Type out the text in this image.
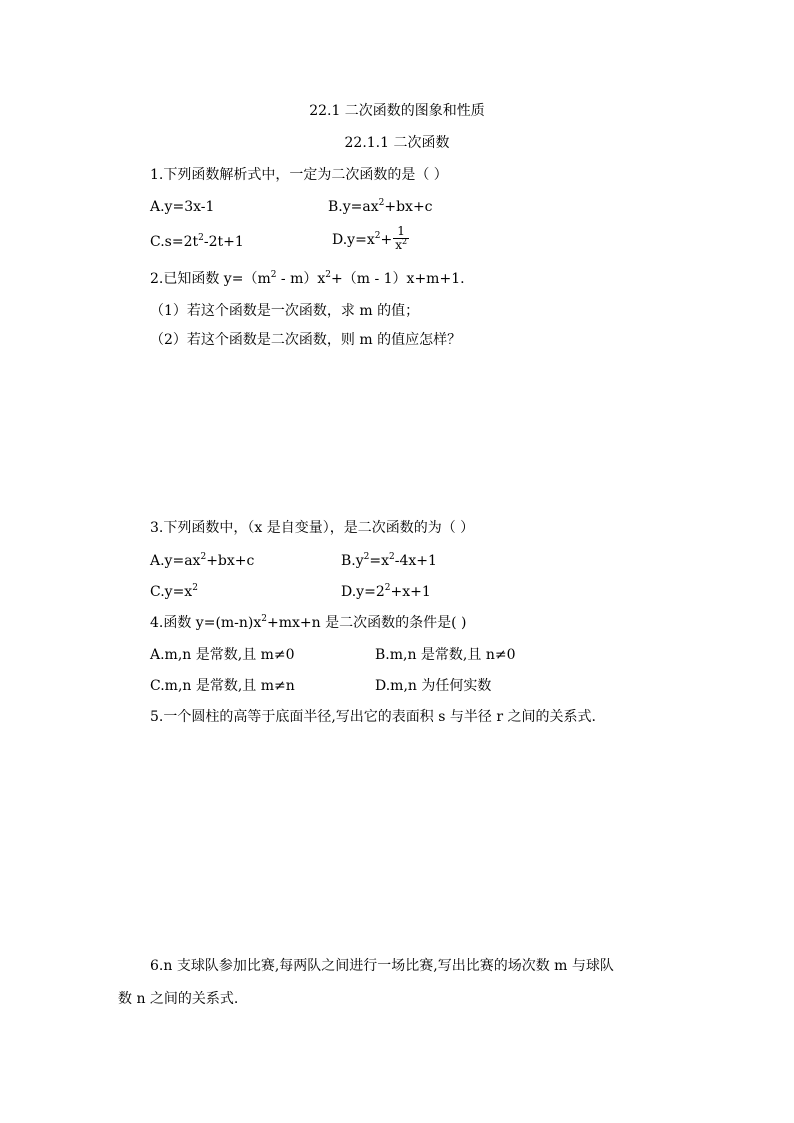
22.1 二次函数的图象和性质
22.1.1 二次函数
1.下列函数解析式中，一定为二次函数的是（ ）
A.y=3x-1	$B.y=ax^2+bx+c$
$C.s=2t^2-2t+1$	$D.y=x^2+ \frac{1}{x^2}$
2.已知函数 $y=(m^2 - m)x^2+(m - 1)x+m+1$.
（1）若这个函数是一次函数，求 m 的值；
（2）若这个函数是二次函数，则 m 的值应怎样？
3.下列函数中，（x 是自变量），是二次函数的为（ ）
$A.y=ax^2+bx+c$	$B.y^2=x^2-4x+1$
$C.y=x^2$	$D.y=2^2+x+1$
4.函数 $y=(m-n)x^2+mx+n$ 是二次函数的条件是( )
A.m,n 是常数,且 m≠0	B.m,n 是常数,且 n≠0
C.m,n 是常数,且 m≠n	D.m,n 为任何实数
5.一个圆柱的高等于底面半径,写出它的表面积 s 与半径 r 之间的关系式.
6.n 支球队参加比赛,每两队之间进行一场比赛,写出比赛的场次数 m 与球队
数 n 之间的关系式.
